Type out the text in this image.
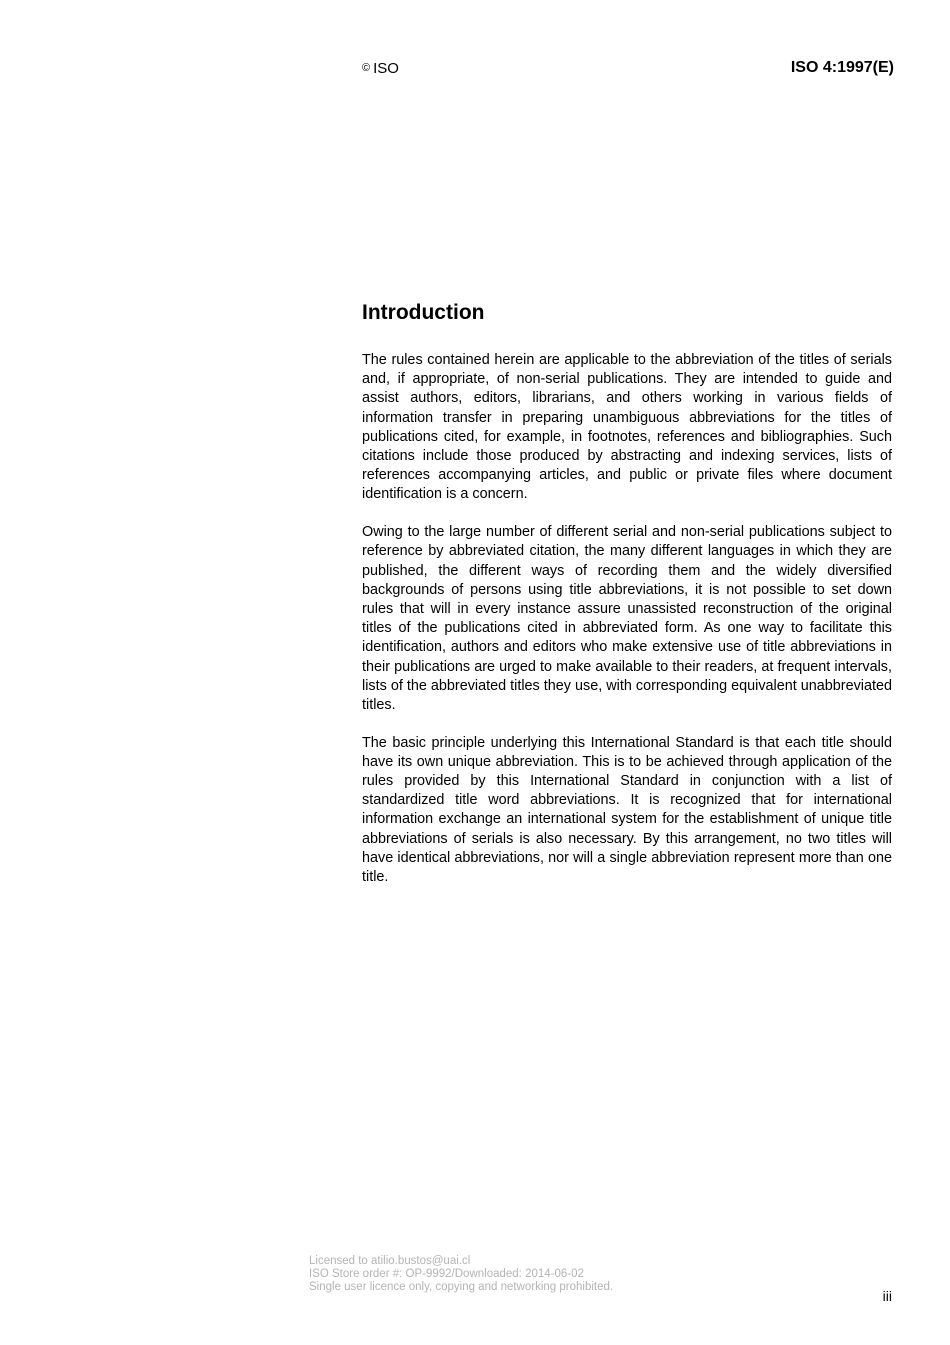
© ISO	ISO 4:1997(E)
Introduction

The rules contained herein are applicable to the abbreviation of the titles of serials and, if appropriate, of non-serial publications. They are intended to guide and assist authors, editors, librarians, and others working in various fields of information transfer in preparing unambiguous abbreviations for the titles of publications cited, for example, in footnotes, references and bibliographies. Such citations include those produced by abstracting and indexing services, lists of references accompanying articles, and public or private files where document identification is a concern.

Owing to the large number of different serial and non-serial publications subject to reference by abbreviated citation, the many different languages in which they are published, the different ways of recording them and the widely diversified backgrounds of persons using title abbreviations, it is not possible to set down rules that will in every instance assure unassisted reconstruction of the original titles of the publications cited in abbreviated form. As one way to facilitate this identification, authors and editors who make extensive use of title abbreviations in their publications are urged to make available to their readers, at frequent intervals, lists of the abbreviated titles they use, with corresponding equivalent unabbreviated titles.

The basic principle underlying this International Standard is that each title should have its own unique abbreviation. This is to be achieved through application of the rules provided by this International Standard in conjunction with a list of standardized title word abbreviations. It is recognized that for international information exchange an international system for the establishment of unique title abbreviations of serials is also necessary. By this arrangement, no two titles will have identical abbreviations, nor will a single abbreviation represent more than one title.

Licensed to atilio.bustos@uai.cl
ISO Store order #: OP-9992/Downloaded: 2014-06-02
Single user licence only, copying and networking prohibited.
iii
